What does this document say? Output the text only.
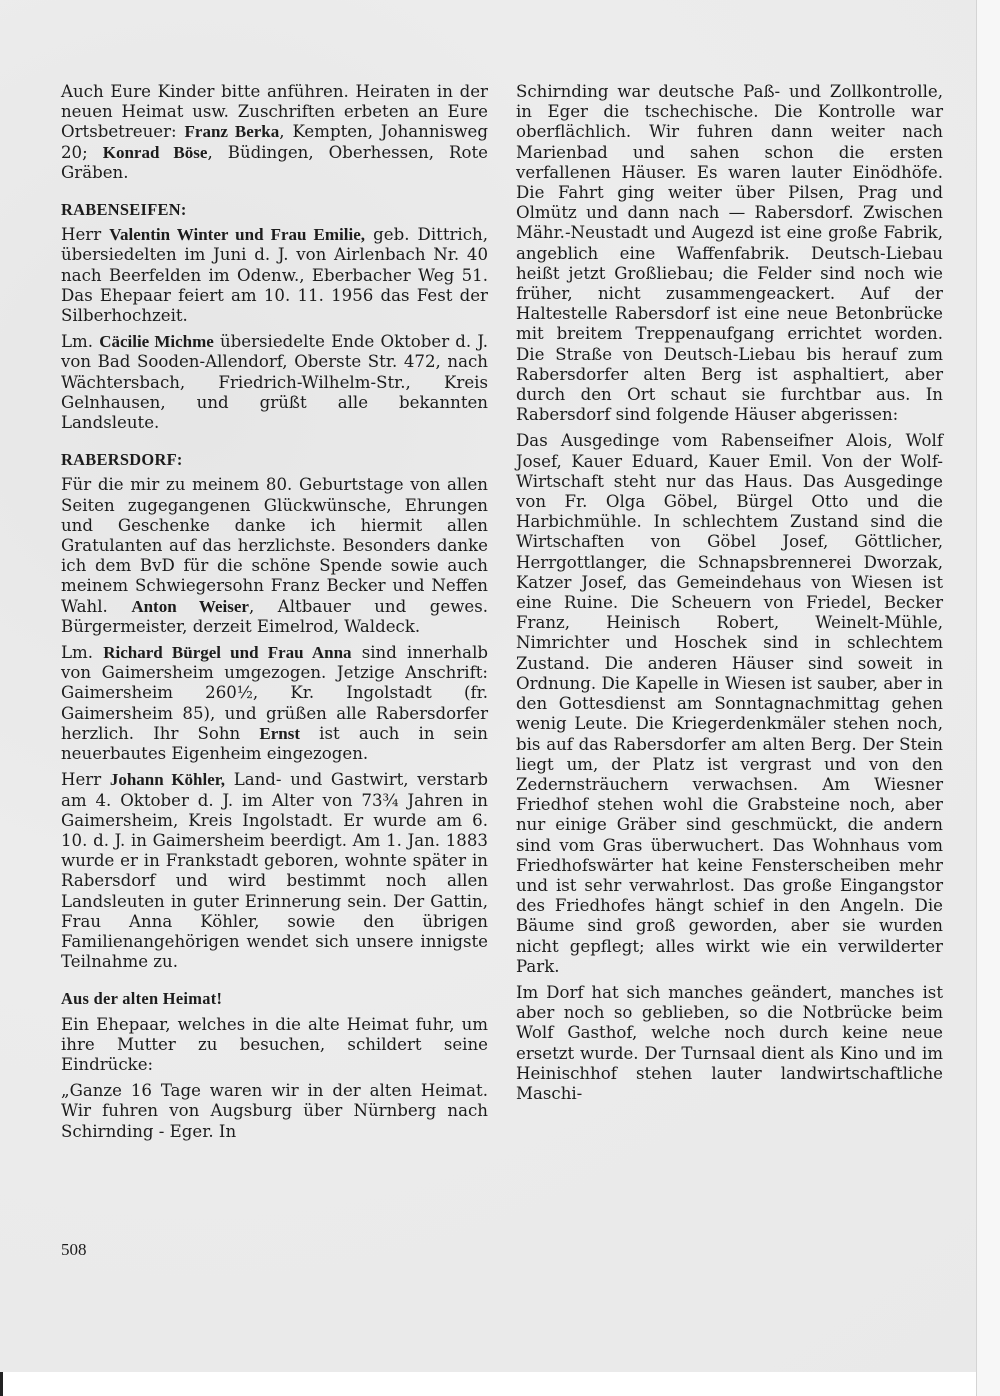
Auch Eure Kinder bitte anführen. Heiraten in der neuen Heimat usw. Zuschriften erbeten an Eure Ortsbetreuer: Franz Berka, Kempten, Johannisweg 20; Konrad Böse, Büdingen, Oberhessen, Rote Gräben.

RABENSEIFEN:

Herr Valentin Winter und Frau Emilie, geb. Dittrich, übersiedelten im Juni d. J. von Airlenbach Nr. 40 nach Beerfelden im Odenw., Eberbacher Weg 51. Das Ehepaar feiert am 10. 11. 1956 das Fest der Silberhochzeit.

Lm. Cäcilie Michme übersiedelte Ende Oktober d. J. von Bad Sooden-Allendorf, Oberste Str. 472, nach Wächtersbach, Friedrich-Wilhelm-Str., Kreis Gelnhausen, und grüßt alle bekannten Landsleute.

RABERSDORF:

Für die mir zu meinem 80. Geburtstage von allen Seiten zugegangenen Glückwünsche, Ehrungen und Geschenke danke ich hiermit allen Gratulanten auf das herzlichste. Besonders danke ich dem BvD für die schöne Spende sowie auch meinem Schwiegersohn Franz Becker und Neffen Wahl. Anton Weiser, Altbauer und gewes. Bürgermeister, derzeit Eimelrod, Waldeck.

Lm. Richard Bürgel und Frau Anna sind innerhalb von Gaimersheim umgezogen. Jetzige Anschrift: Gaimersheim 260½, Kr. Ingolstadt (fr. Gaimersheim 85), und grüßen alle Rabersdorfer herzlich. Ihr Sohn Ernst ist auch in sein neuerbautes Eigenheim eingezogen.

Herr Johann Köhler, Land- und Gastwirt, verstarb am 4. Oktober d. J. im Alter von 73¾ Jahren in Gaimersheim, Kreis Ingolstadt. Er wurde am 6. 10. d. J. in Gaimersheim beerdigt. Am 1. Jan. 1883 wurde er in Frankstadt geboren, wohnte später in Rabersdorf und wird bestimmt noch allen Landsleuten in guter Erinnerung sein. Der Gattin, Frau Anna Köhler, sowie den übrigen Familienangehörigen wendet sich unsere innigste Teilnahme zu.

Aus der alten Heimat!

Ein Ehepaar, welches in die alte Heimat fuhr, um ihre Mutter zu besuchen, schildert seine Eindrücke:

„Ganze 16 Tage waren wir in der alten Heimat. Wir fuhren von Augsburg über Nürnberg nach Schirnding - Eger. In

Schirnding war deutsche Paß- und Zollkontrolle, in Eger die tschechische. Die Kontrolle war oberflächlich. Wir fuhren dann weiter nach Marienbad und sahen schon die ersten verfallenen Häuser. Es waren lauter Einödhöfe. Die Fahrt ging weiter über Pilsen, Prag und Olmütz und dann nach — Rabersdorf. Zwischen Mähr.-Neustadt und Augezd ist eine große Fabrik, angeblich eine Waffenfabrik. Deutsch-Liebau heißt jetzt Großliebau; die Felder sind noch wie früher, nicht zusammengeackert. Auf der Haltestelle Rabersdorf ist eine neue Betonbrücke mit breitem Treppenaufgang errichtet worden. Die Straße von Deutsch-Liebau bis herauf zum Rabersdorfer alten Berg ist asphaltiert, aber durch den Ort schaut sie furchtbar aus. In Rabersdorf sind folgende Häuser abgerissen:

Das Ausgedinge vom Rabenseifner Alois, Wolf Josef, Kauer Eduard, Kauer Emil. Von der Wolf-Wirtschaft steht nur das Haus. Das Ausgedinge von Fr. Olga Göbel, Bürgel Otto und die Harbichmühle. In schlechtem Zustand sind die Wirtschaften von Göbel Josef, Göttlicher, Herrgottlanger, die Schnapsbrennerei Dworzak, Katzer Josef, das Gemeindehaus von Wiesen ist eine Ruine. Die Scheuern von Friedel, Becker Franz, Heinisch Robert, Weinelt-Mühle, Nimrichter und Hoschek sind in schlechtem Zustand. Die anderen Häuser sind soweit in Ordnung. Die Kapelle in Wiesen ist sauber, aber in den Gottesdienst am Sonntagnachmittag gehen wenig Leute. Die Kriegerdenkmäler stehen noch, bis auf das Rabersdorfer am alten Berg. Der Stein liegt um, der Platz ist vergrast und von den Zedernsträuchern verwachsen. Am Wiesner Friedhof stehen wohl die Grabsteine noch, aber nur einige Gräber sind geschmückt, die andern sind vom Gras überwuchert. Das Wohnhaus vom Friedhofswärter hat keine Fensterscheiben mehr und ist sehr verwahrlost. Das große Eingangstor des Friedhofes hängt schief in den Angeln. Die Bäume sind groß geworden, aber sie wurden nicht gepflegt; alles wirkt wie ein verwilderter Park.

Im Dorf hat sich manches geändert, manches ist aber noch so geblieben, so die Notbrücke beim Wolf Gasthof, welche noch durch keine neue ersetzt wurde. Der Turnsaal dient als Kino und im Heinischhof stehen lauter landwirtschaftliche Maschi-

508
